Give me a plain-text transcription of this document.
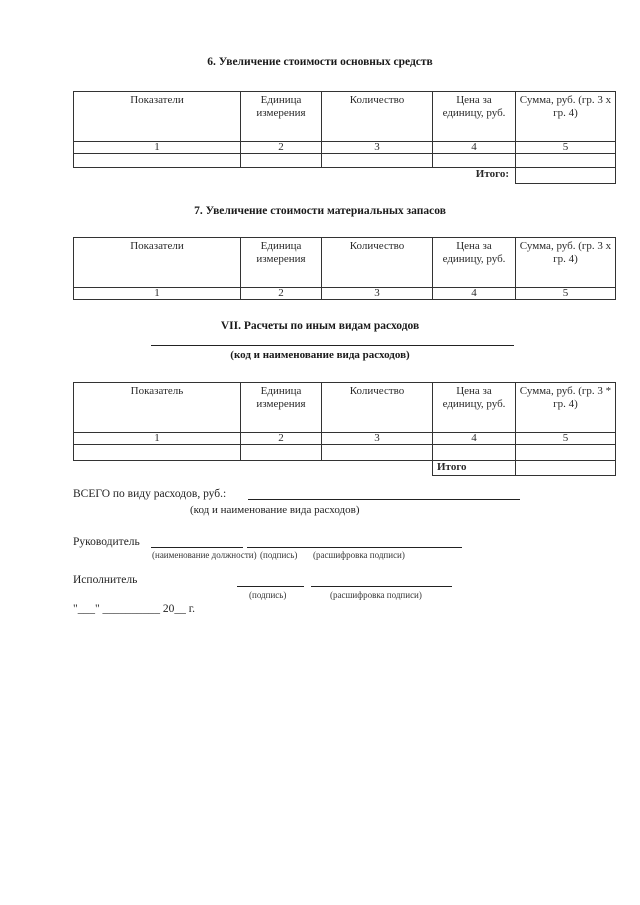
6. Увеличение стоимости основных средств
Показатели	Единица измерения	Количество	Цена за единицу, руб.	Сумма, руб. (гр. 3 х гр. 4)
1	2	3	4	5

Итого:				

7. Увеличение стоимости материальных запасов
Показатели	Единица измерения	Количество	Цена за единицу, руб.	Сумма, руб. (гр. 3 х гр. 4)
1	2	3	4	5
VII. Расчеты по иным видам расходов
(код и наименование вида расходов)
Показатель	Единица измерения	Количество	Цена за единицу, руб.	Сумма, руб. (гр. 3 * гр. 4)
1	2	3	4	5

			Итого	
ВСЕГО по виду расходов, руб.:
(код и наименование вида расходов)
Руководитель
(наименование должности) (подпись) (расшифровка подписи)
Исполнитель
(подпись)	(расшифровка подписи)
"___" __________ 20__ г.
